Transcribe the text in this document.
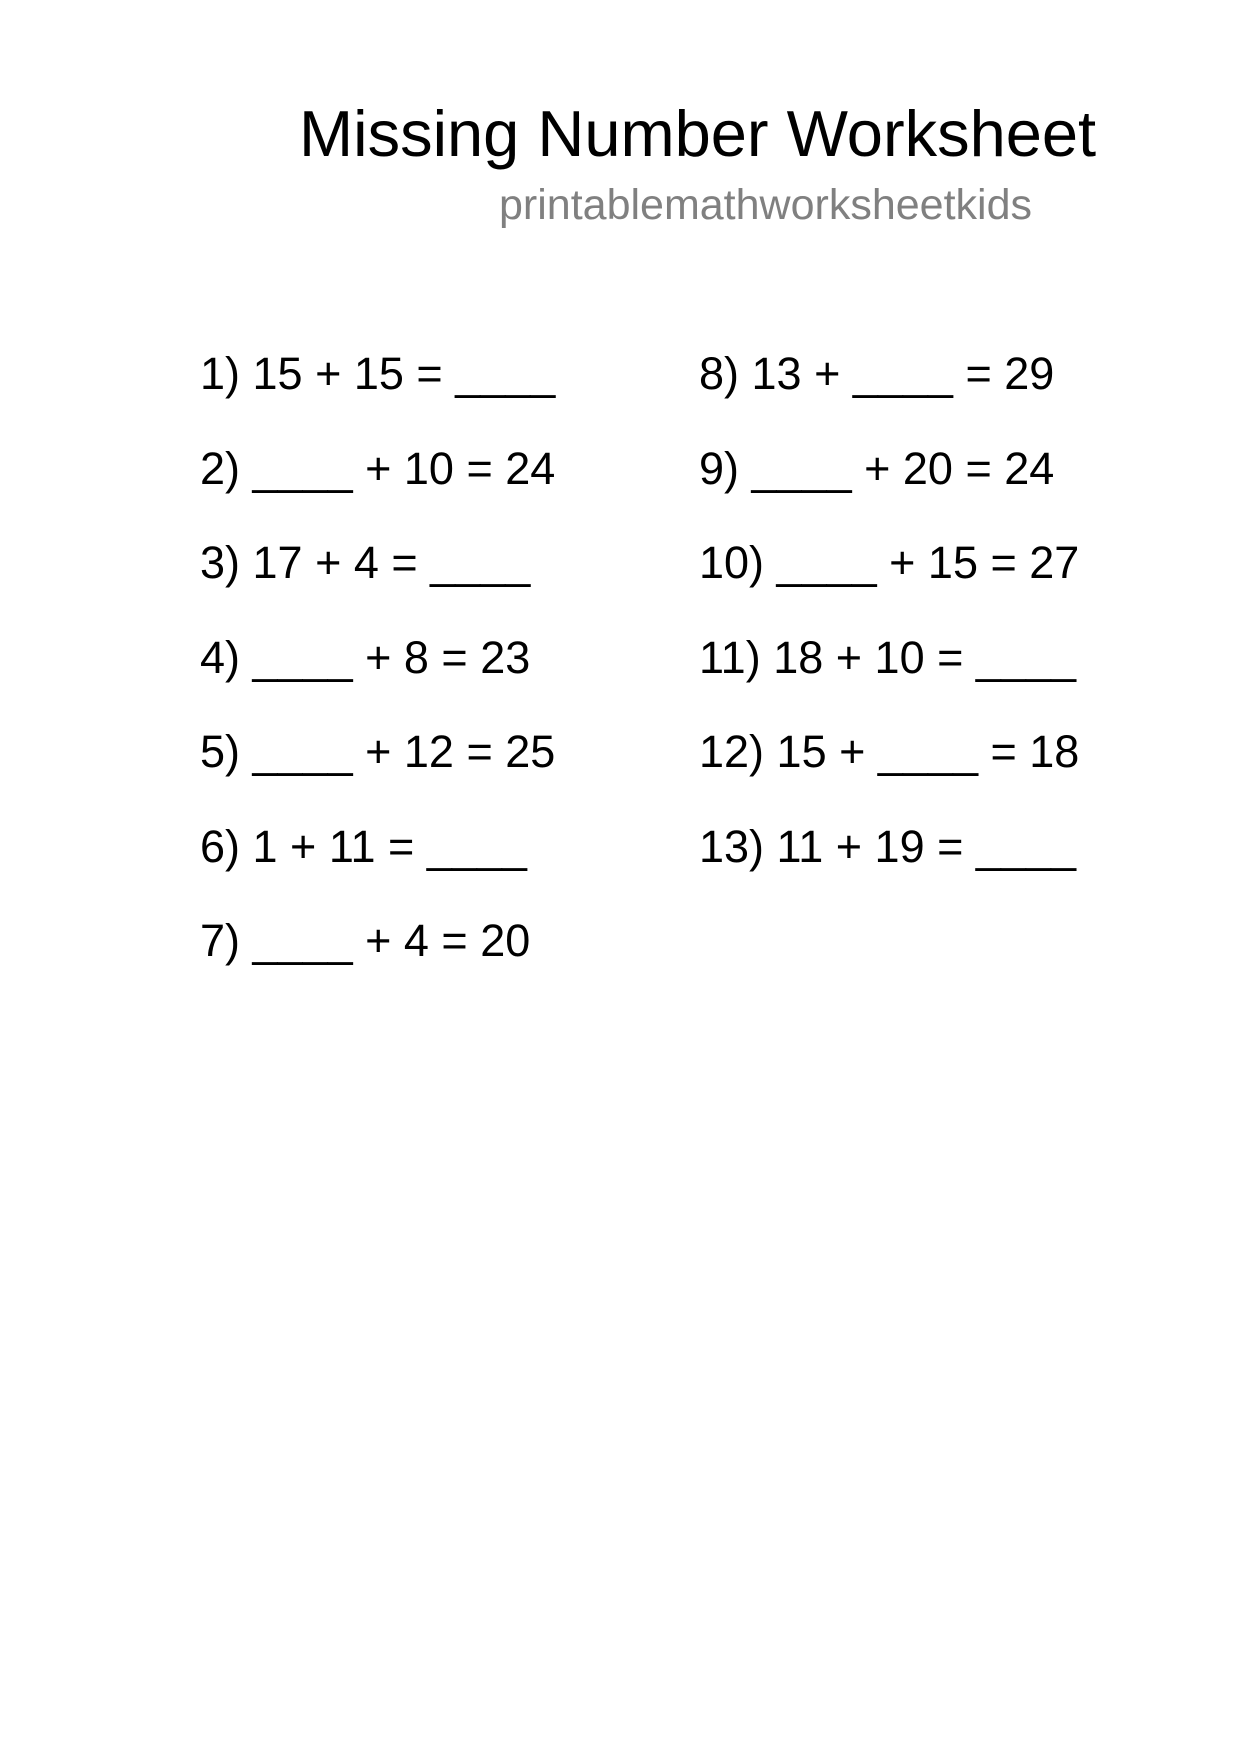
Missing Number Worksheet
printablemathworksheetkids
1) 15 + 15 = ____
2) ____ + 10 = 24
3) 17 + 4 = ____
4) ____ + 8 = 23
5) ____ + 12 = 25
6) 1 + 11 = ____
7) ____ + 4 = 20
8) 13 + ____ = 29
9) ____ + 20 = 24
10) ____ + 15 = 27
11) 18 + 10 = ____
12) 15 + ____ = 18
13) 11 + 19 = ____
